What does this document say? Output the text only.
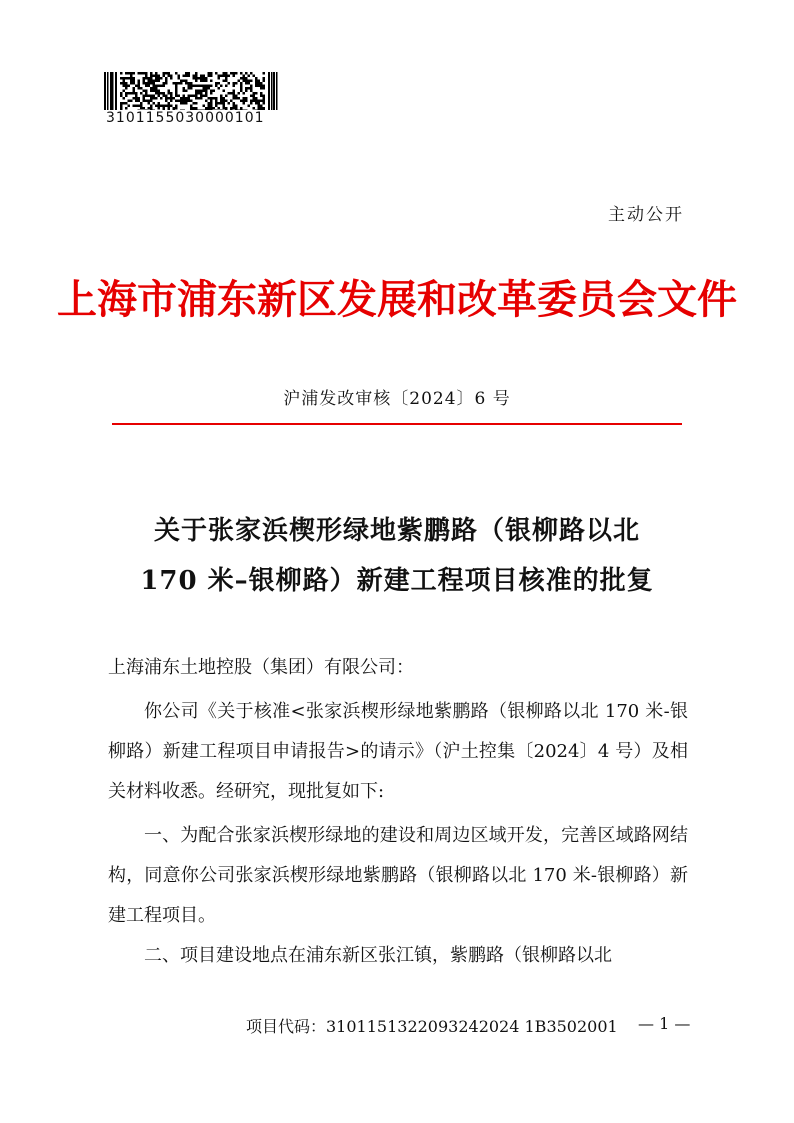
3101155030000101
主动公开
上海市浦东新区发展和改革委员会文件
沪浦发改审核〔2024〕6 号
关于张家浜楔形绿地紫鹏路（银柳路以北
170 米–银柳路）新建工程项目核准的批复
上海浦东土地控股（集团）有限公司：
你公司《关于核准<张家浜楔形绿地紫鹏路（银柳路以北 170 米-银柳路）新建工程项目申请报告>的请示》（沪土控集〔2024〕4 号）及相关材料收悉。经研究，现批复如下:
一、为配合张家浜楔形绿地的建设和周边区域开发，完善区域路网结构，同意你公司张家浜楔形绿地紫鹏路（银柳路以北 170 米-银柳路）新建工程项目。
二、项目建设地点在浦东新区张江镇，紫鹏路（银柳路以北
项目代码：3101151322093242024 1B3502001 — 1 —
